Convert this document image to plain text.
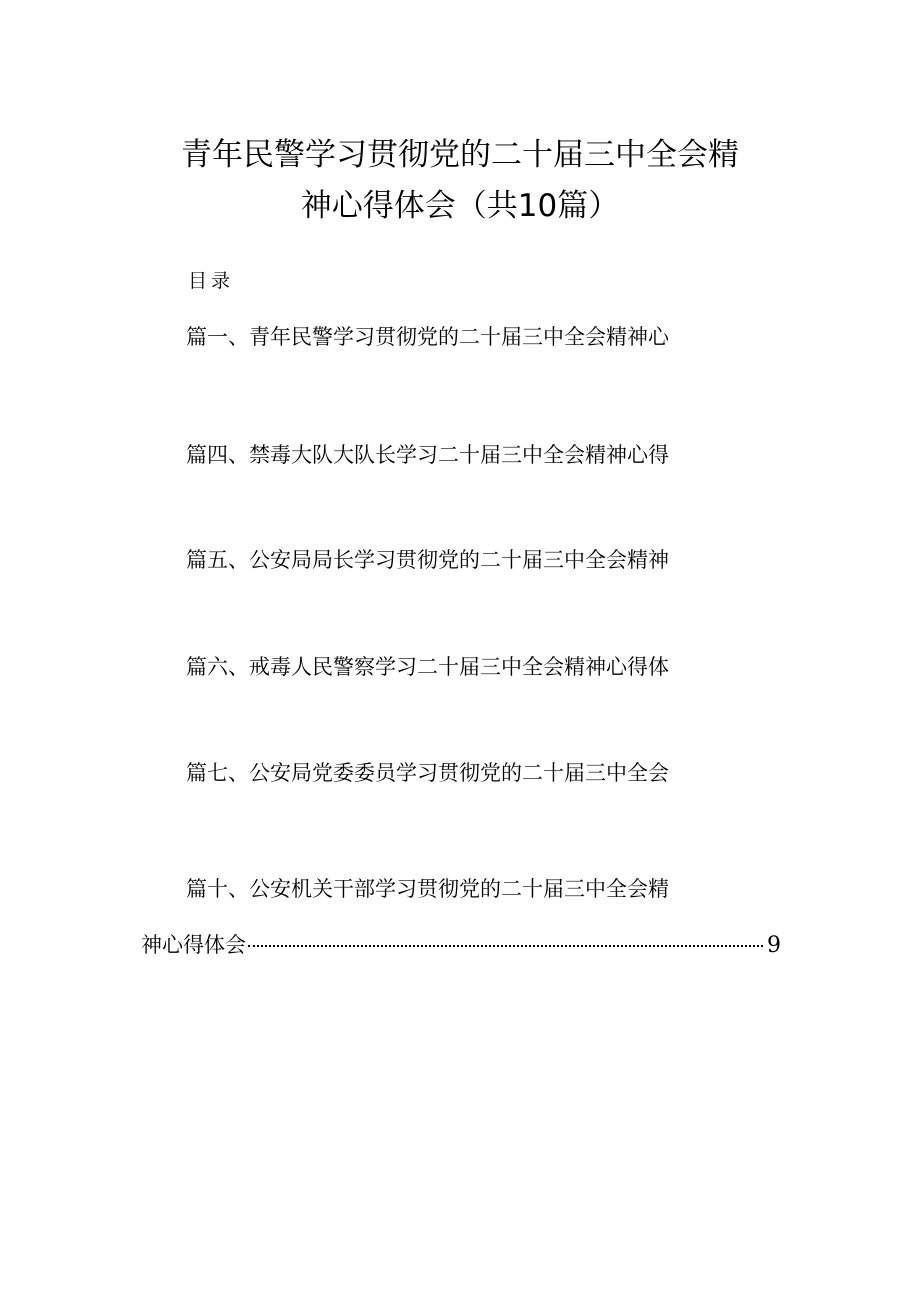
青年民警学习贯彻党的二十届三中全会精
神心得体会（共10篇）
目录
篇一、青年民警学习贯彻党的二十届三中全会精神心
篇四、禁毒大队大队长学习二十届三中全会精神心得
篇五、公安局局长学习贯彻党的二十届三中全会精神
篇六、戒毒人民警察学习二十届三中全会精神心得体
篇七、公安局党委委员学习贯彻党的二十届三中全会
篇十、公安机关干部学习贯彻党的二十届三中全会精
神心得体会	9
